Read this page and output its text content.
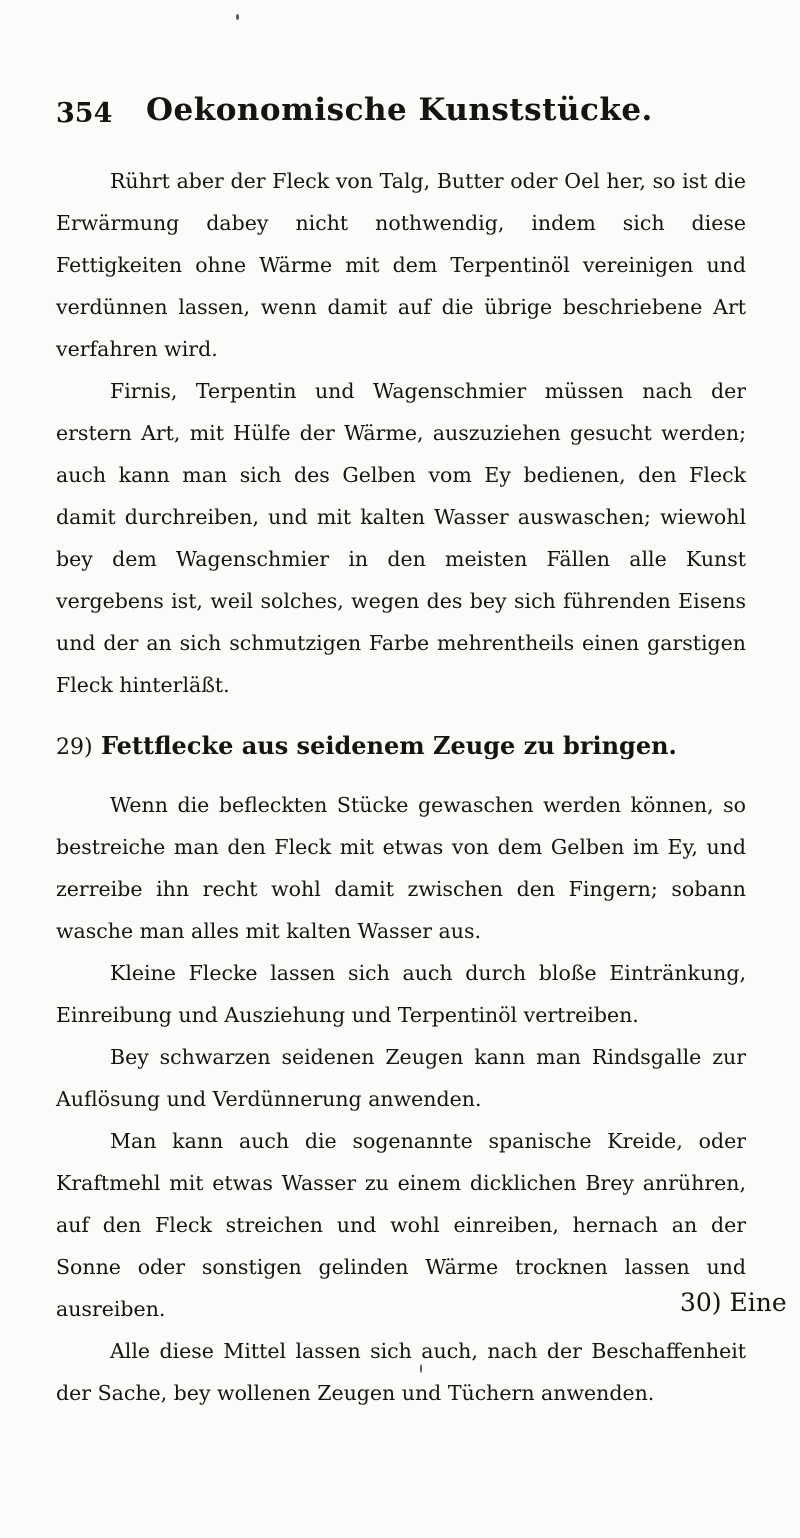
354 Oekonomische Kunststücke.

Rührt aber der Fleck von Talg, Butter oder Oel her, so ist die Erwärmung dabey nicht nothwendig, indem sich diese Fettigkeiten ohne Wärme mit dem Terpentinöl vereinigen und verdünnen lassen, wenn damit auf die übrige beschriebene Art verfahren wird.

Firnis, Terpentin und Wagenschmier müssen nach der erstern Art, mit Hülfe der Wärme, auszuziehen gesucht werden; auch kann man sich des Gelben vom Ey bedienen, den Fleck damit durchreiben, und mit kalten Wasser auswaschen; wiewohl bey dem Wagenschmier in den meisten Fällen alle Kunst vergebens ist, weil solches, wegen des bey sich führenden Eisens und der an sich schmutzigen Farbe mehrentheils einen garstigen Fleck hinterläßt.

29) Fettflecke aus seidenem Zeuge zu bringen.

Wenn die befleckten Stücke gewaschen werden können, so bestreiche man den Fleck mit etwas von dem Gelben im Ey, und zerreibe ihn recht wohl damit zwischen den Fingern; sobann wasche man alles mit kalten Wasser aus.

Kleine Flecke lassen sich auch durch bloße Eintränkung, Einreibung und Ausziehung und Terpentinöl vertreiben.

Bey schwarzen seidenen Zeugen kann man Rindsgalle zur Auflösung und Verdünnerung anwenden.

Man kann auch die sogenannte spanische Kreide, oder Kraftmehl mit etwas Wasser zu einem dicklichen Brey anrühren, auf den Fleck streichen und wohl einreiben, hernach an der Sonne oder sonstigen gelinden Wärme trocknen lassen und ausreiben.

Alle diese Mittel lassen sich auch, nach der Beschaffenheit der Sache, bey wollenen Zeugen und Tüchern anwenden.

30) Eine
